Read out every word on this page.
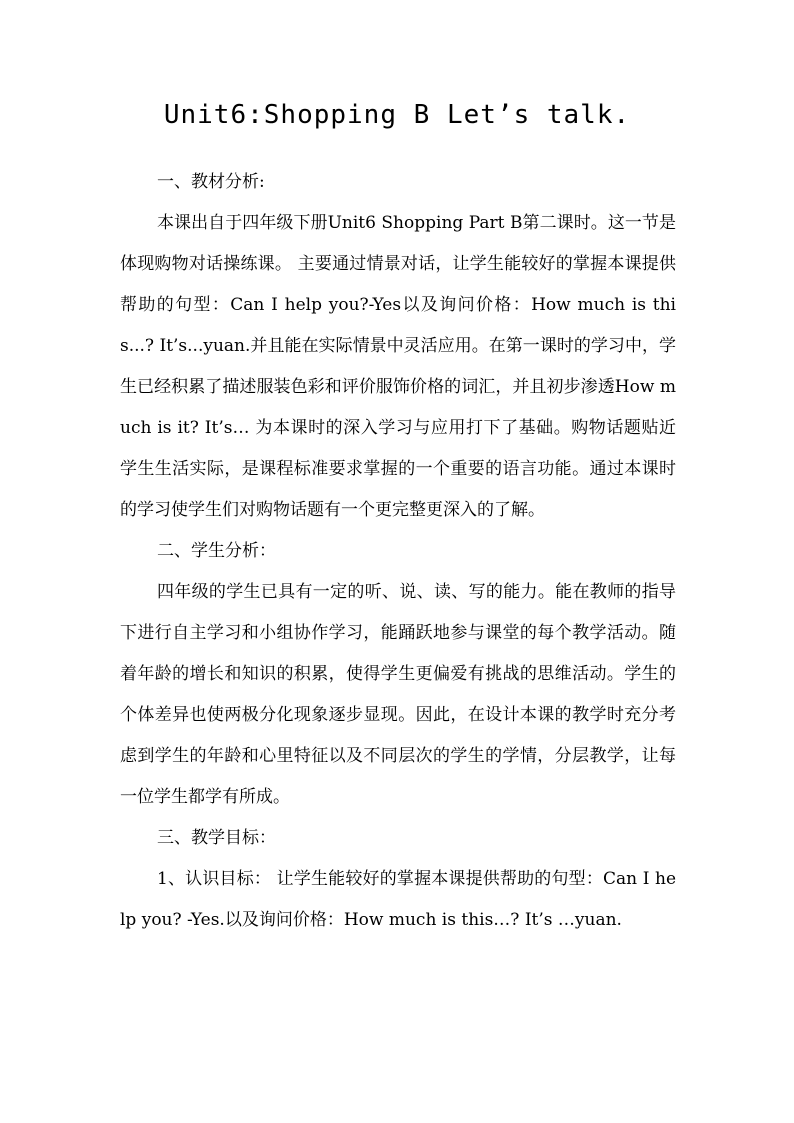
Unit6:Shopping B Let’s talk.

一、教材分析:

本课出自于四年级下册Unit6 Shopping Part B第二课时。这一节是体现购物对话操练课。 主要通过情景对话，让学生能较好的掌握本课提供帮助的句型：Can I help you?-Yes以及询问价格：How much is this...? It’s...yuan.并且能在实际情景中灵活应用。在第一课时的学习中，学生已经积累了描述服装色彩和评价服饰价格的词汇，并且初步渗透How much is it? It’s… 为本课时的深入学习与应用打下了基础。购物话题贴近学生生活实际，是课程标准要求掌握的一个重要的语言功能。通过本课时的学习使学生们对购物话题有一个更完整更深入的了解。

二、学生分析：

四年级的学生已具有一定的听、说、读、写的能力。能在教师的指导下进行自主学习和小组协作学习，能踊跃地参与课堂的每个教学活动。随着年龄的增长和知识的积累，使得学生更偏爱有挑战的思维活动。学生的个体差异也使两极分化现象逐步显现。因此，在设计本课的教学时充分考虑到学生的年龄和心里特征以及不同层次的学生的学情，分层教学，让每一位学生都学有所成。

三、教学目标：

1、认识目标： 让学生能较好的掌握本课提供帮助的句型：Can I help you? -Yes.以及询问价格：How much is this…? It’s …yuan.
